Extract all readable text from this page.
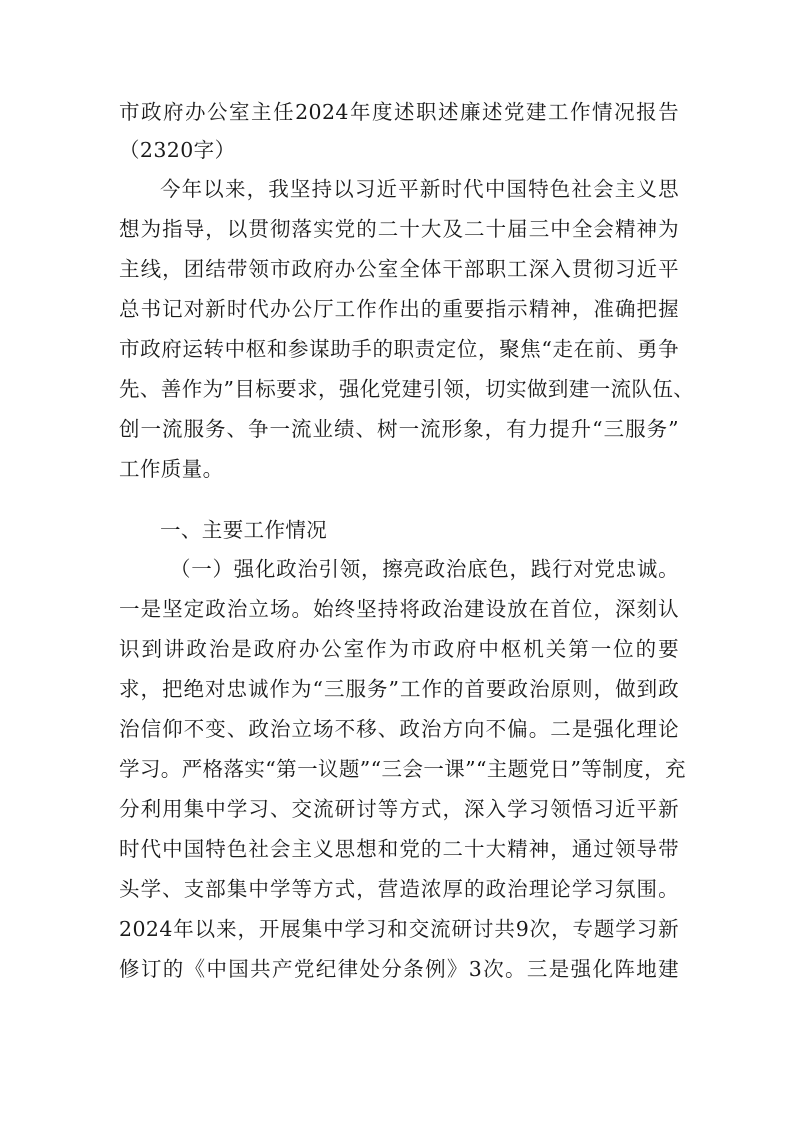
市政府办公室主任2024年度述职述廉述党建工作情况报告
（2320字）
今年以来，我坚持以习近平新时代中国特色社会主义思
想为指导，以贯彻落实党的二十大及二十届三中全会精神为
主线，团结带领市政府办公室全体干部职工深入贯彻习近平
总书记对新时代办公厅工作作出的重要指示精神，准确把握
市政府运转中枢和参谋助手的职责定位，聚焦“走在前、勇争
先、善作为”目标要求，强化党建引领，切实做到建一流队伍、
创一流服务、争一流业绩、树一流形象，有力提升“三服务”
工作质量。
一、主要工作情况
（一）强化政治引领，擦亮政治底色，践行对党忠诚。
一是坚定政治立场。始终坚持将政治建设放在首位，深刻认
识到讲政治是政府办公室作为市政府中枢机关第一位的要
求，把绝对忠诚作为“三服务”工作的首要政治原则，做到政
治信仰不变、政治立场不移、政治方向不偏。二是强化理论
学习。严格落实“第一议题”“三会一课”“主题党日”等制度，充
分利用集中学习、交流研讨等方式，深入学习领悟习近平新
时代中国特色社会主义思想和党的二十大精神，通过领导带
头学、支部集中学等方式，营造浓厚的政治理论学习氛围。
2024年以来，开展集中学习和交流研讨共9次，专题学习新
修订的《中国共产党纪律处分条例》3次。三是强化阵地建
